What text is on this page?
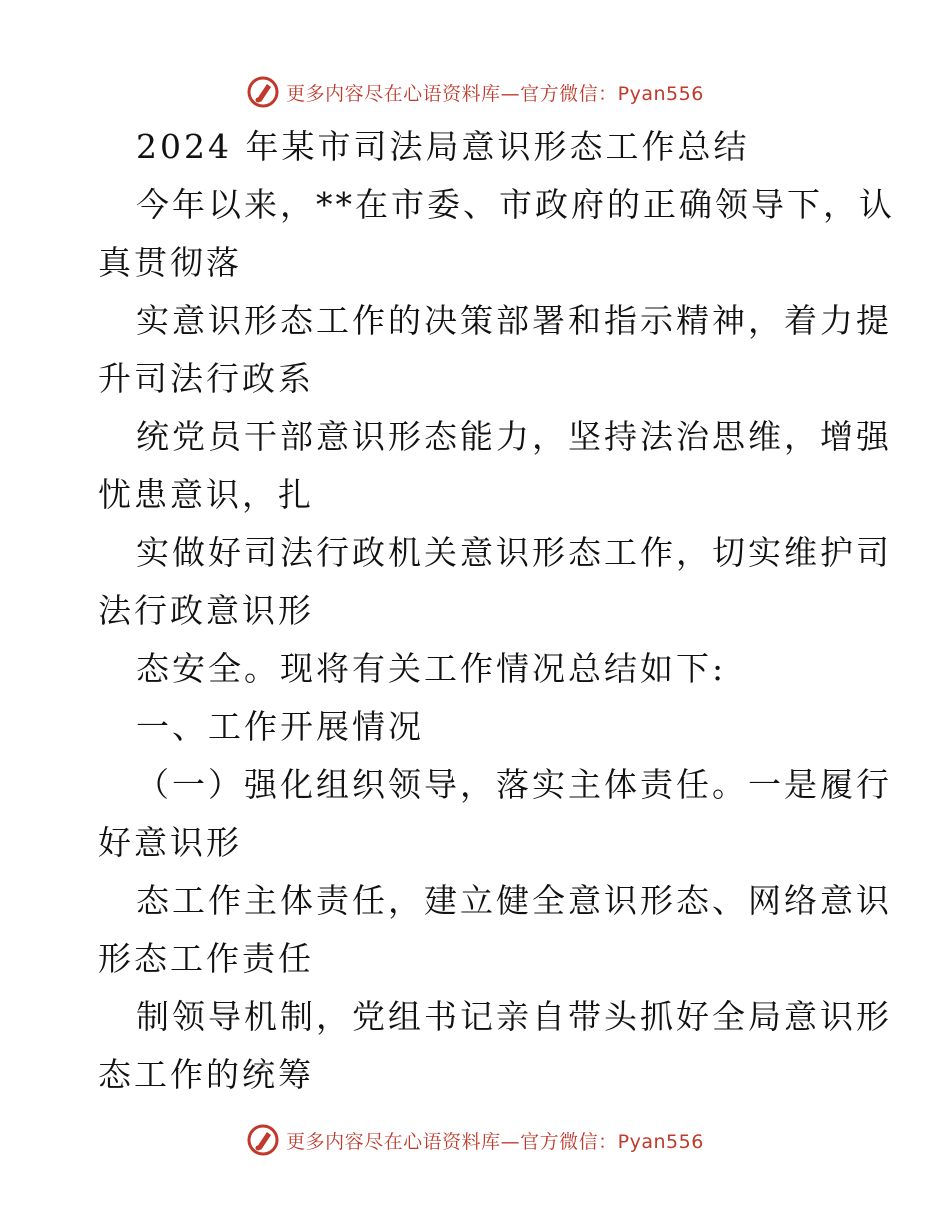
更多内容尽在心语资料库—官方微信：Pyan556

2024 年某市司法局意识形态工作总结

今年以来，**在市委、市政府的正确领导下，认

真贯彻落

实意识形态工作的决策部署和指示精神，着力提

升司法行政系

统党员干部意识形态能力，坚持法治思维，增强

忧患意识，扎

实做好司法行政机关意识形态工作，切实维护司

法行政意识形

态安全。现将有关工作情况总结如下:

一、工作开展情况

（一）强化组织领导，落实主体责任。一是履行

好意识形

态工作主体责任，建立健全意识形态、网络意识

形态工作责任

制领导机制，党组书记亲自带头抓好全局意识形

态工作的统筹

更多内容尽在心语资料库—官方微信：Pyan556
